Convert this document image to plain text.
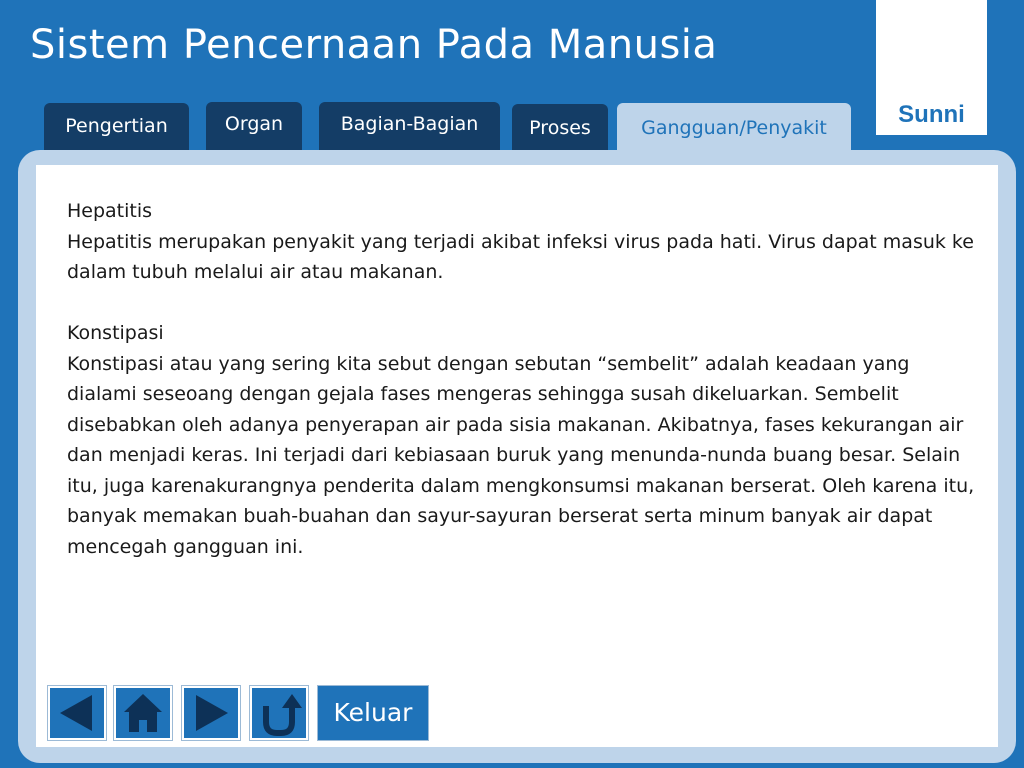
Sistem Pencernaan Pada Manusia
Sunni
Pengertian	Organ	Bagian-Bagian	Proses	Gangguan/Penyakit

Hepatitis

Hepatitis merupakan penyakit yang terjadi akibat infeksi virus pada hati. Virus dapat masuk ke dalam tubuh melalui air atau makanan.

Konstipasi

Konstipasi atau yang sering kita sebut dengan sebutan “sembelit” adalah keadaan yang dialami seseoang dengan gejala fases mengeras sehingga susah dikeluarkan. Sembelit disebabkan oleh adanya penyerapan air pada sisia makanan. Akibatnya, fases kekurangan air dan menjadi keras. Ini terjadi dari kebiasaan buruk yang menunda-nunda buang besar. Selain itu, juga karenakurangnya penderita dalam mengkonsumsi makanan berserat. Oleh karena itu, banyak memakan buah-buahan dan sayur-sayuran berserat serta minum banyak air dapat mencegah gangguan ini.

Keluar
